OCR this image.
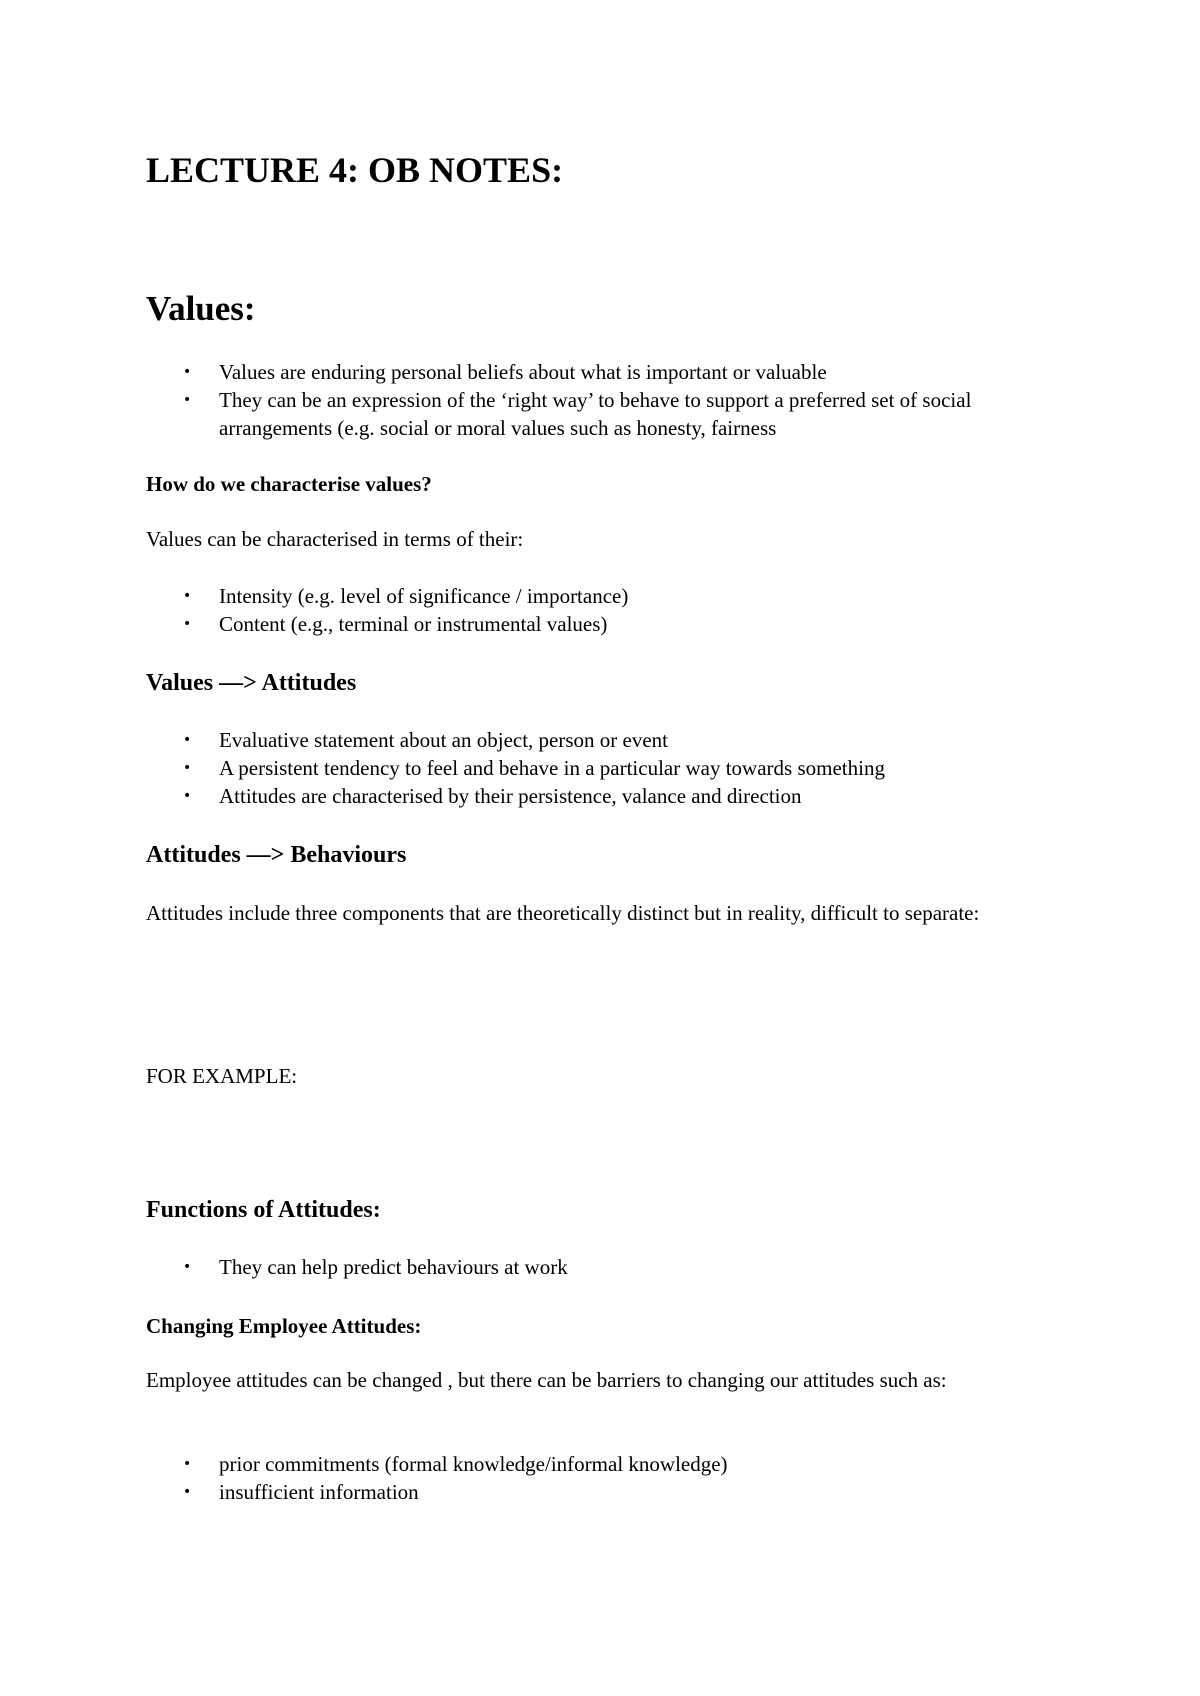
LECTURE 4: OB NOTES:
Values:
• Values are enduring personal beliefs about what is important or valuable
• They can be an expression of the ‘right way’ to behave to support a preferred set of social arrangements (e.g. social or moral values such as honesty, fairness
How do we characterise values?

Values can be characterised in terms of their:

• Intensity (e.g. level of significance / importance)
• Content (e.g., terminal or instrumental values)
Values —> Attitudes
• Evaluative statement about an object, person or event
• A persistent tendency to feel and behave in a particular way towards something
• Attitudes are characterised by their persistence, valance and direction
Attitudes —> Behaviours

Attitudes include three components that are theoretically distinct but in reality, difficult to separate:

FOR EXAMPLE:

Functions of Attitudes:
• They can help predict behaviours at work
Changing Employee Attitudes:

Employee attitudes can be changed , but there can be barriers to changing our attitudes such as:

• prior commitments (formal knowledge/informal knowledge)
• insufficient information
